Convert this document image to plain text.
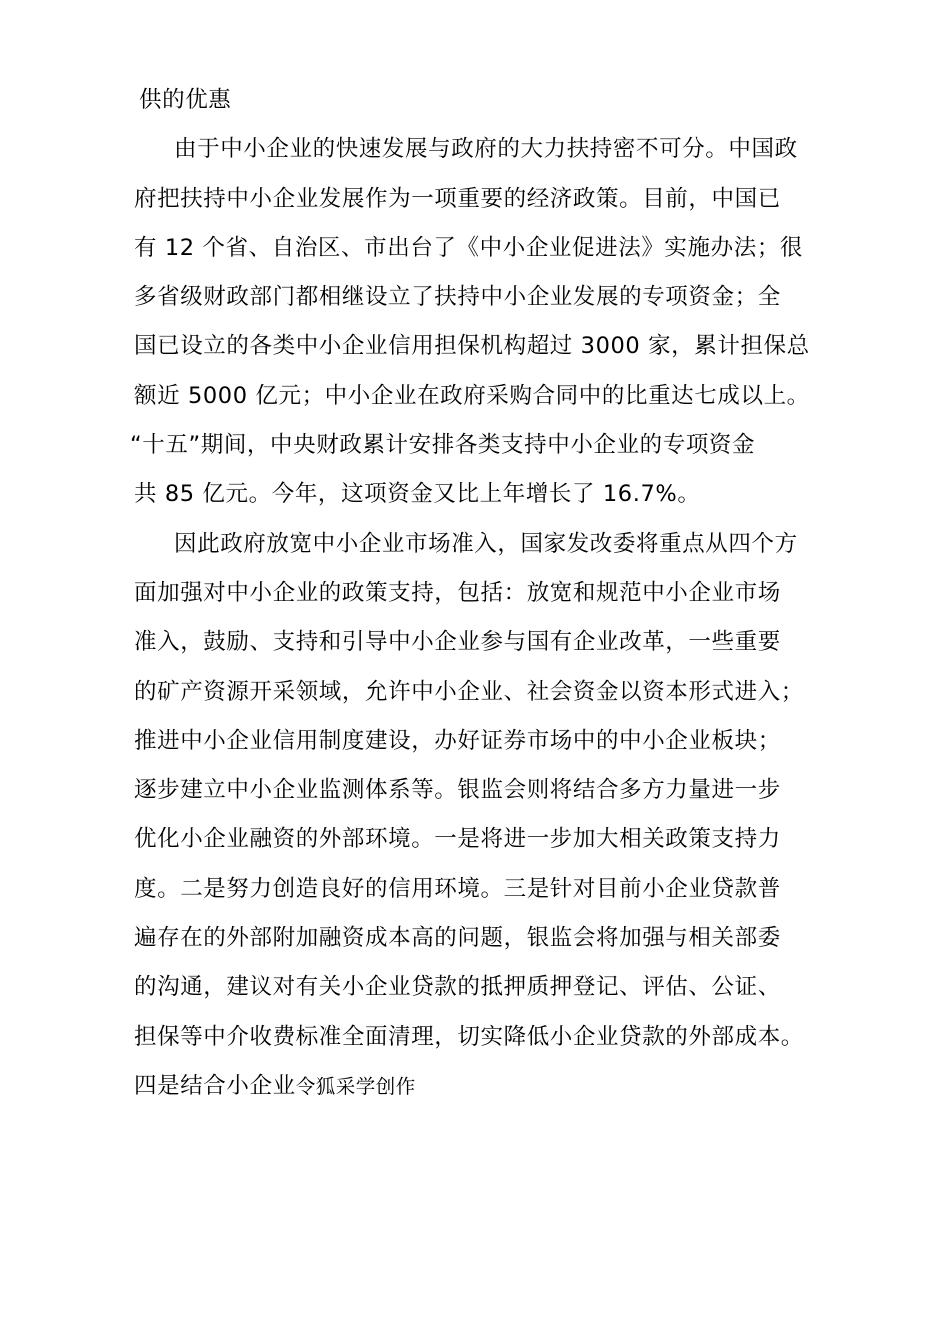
供的优惠
由于中小企业的快速发展与政府的大力扶持密不可分。中国政
府把扶持中小企业发展作为一项重要的经济政策。目前，中国已
有 12 个省、自治区、市出台了《中小企业促进法》实施办法；很
多省级财政部门都相继设立了扶持中小企业发展的专项资金；全
国已设立的各类中小企业信用担保机构超过 3000 家，累计担保总
额近 5000 亿元；中小企业在政府采购合同中的比重达七成以上。
“十五”期间，中央财政累计安排各类支持中小企业的专项资金
共 85 亿元。今年，这项资金又比上年增长了 16.7%。
因此政府放宽中小企业市场准入，国家发改委将重点从四个方
面加强对中小企业的政策支持，包括：放宽和规范中小企业市场
准入，鼓励、支持和引导中小企业参与国有企业改革，一些重要
的矿产资源开采领域，允许中小企业、社会资金以资本形式进入；
推进中小企业信用制度建设，办好证券市场中的中小企业板块；
逐步建立中小企业监测体系等。银监会则将结合多方力量进一步
优化小企业融资的外部环境。一是将进一步加大相关政策支持力
度。二是努力创造良好的信用环境。三是针对目前小企业贷款普
遍存在的外部附加融资成本高的问题，银监会将加强与相关部委
的沟通，建议对有关小企业贷款的抵押质押登记、评估、公证、
担保等中介收费标准全面清理，切实降低小企业贷款的外部成本。
四是结合小企业令狐采学创作
